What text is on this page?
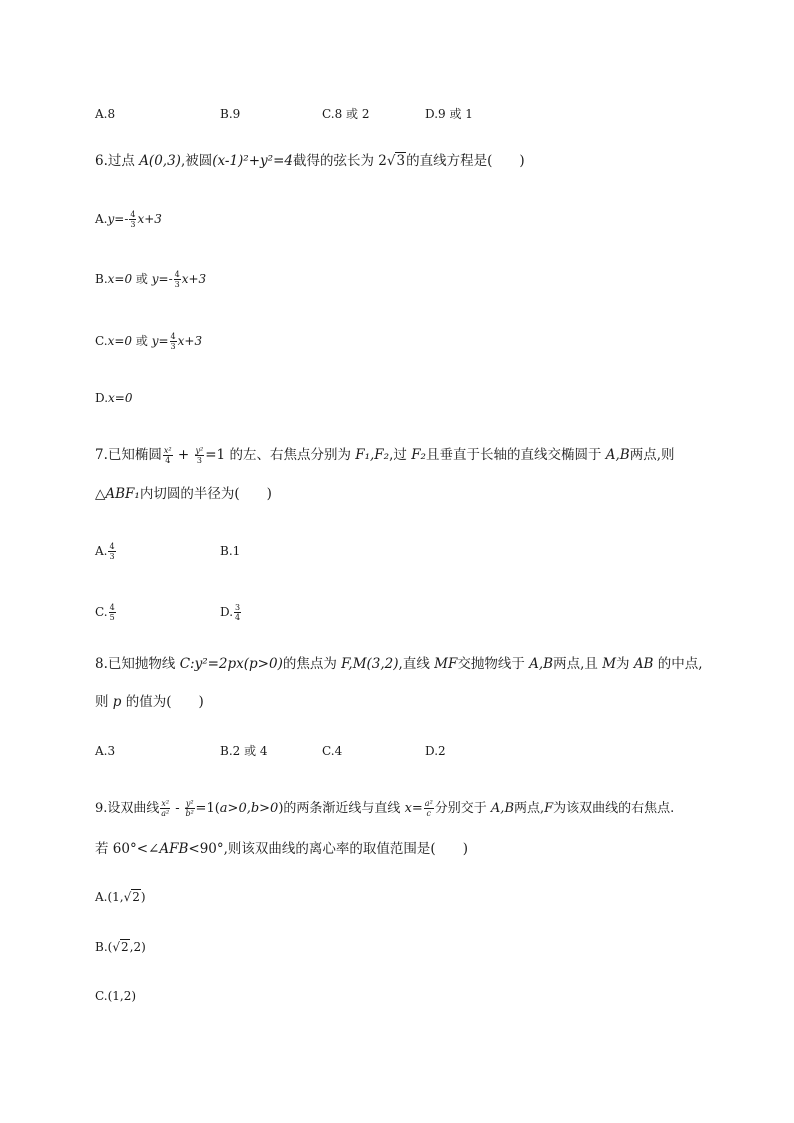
A.8	B.9	C.8 或 2	D.9 或 1
6.过点 A(0,3),被圆(x-1)²+y²=4截得的弦长为 2√3的直线方程是(　　)
$A.y=- \frac{4}{3} x+3$
B.x=0 或 $y=- \frac{4}{3} x+3$
C.x=0 或 $y= \frac{4}{3} x+3$
D.x=0
7.已知椭圆 $\frac{\text{x²}}{4} + \frac{\text{y²}}{3} =1$ 的左、右焦点分别为 F₁,F₂,过 F₂且垂直于长轴的直线交椭圆于 A,B两点,则
△ABF₁内切圆的半径为(　　)
A. $\frac{4}{3}$	B.1
C. $\frac{4}{5}$	D. $\frac{3}{4}$
8.已知抛物线 C:y²=2px(p>0)的焦点为 F,M(3,2),直线 MF交抛物线于 A,B两点,且 M为 AB 的中点,
则 p 的值为(　　)
A.3	B.2 或 4	C.4	D.2
9.设双曲线 $\frac{\text{x²}}{\text{a²}} - \frac{\text{y²}}{\text{b²}} =1(a>0,b>0)$的两条渐近线与直线 $x= \frac{\text{a²}}{c}$ 分别交于 A,B两点,F为该双曲线的右焦点.
若 60°<∠AFB<90°,则该双曲线的离心率的取值范围是(　　)
A.(1,√2)
B.(√2,2)
C.(1,2)
